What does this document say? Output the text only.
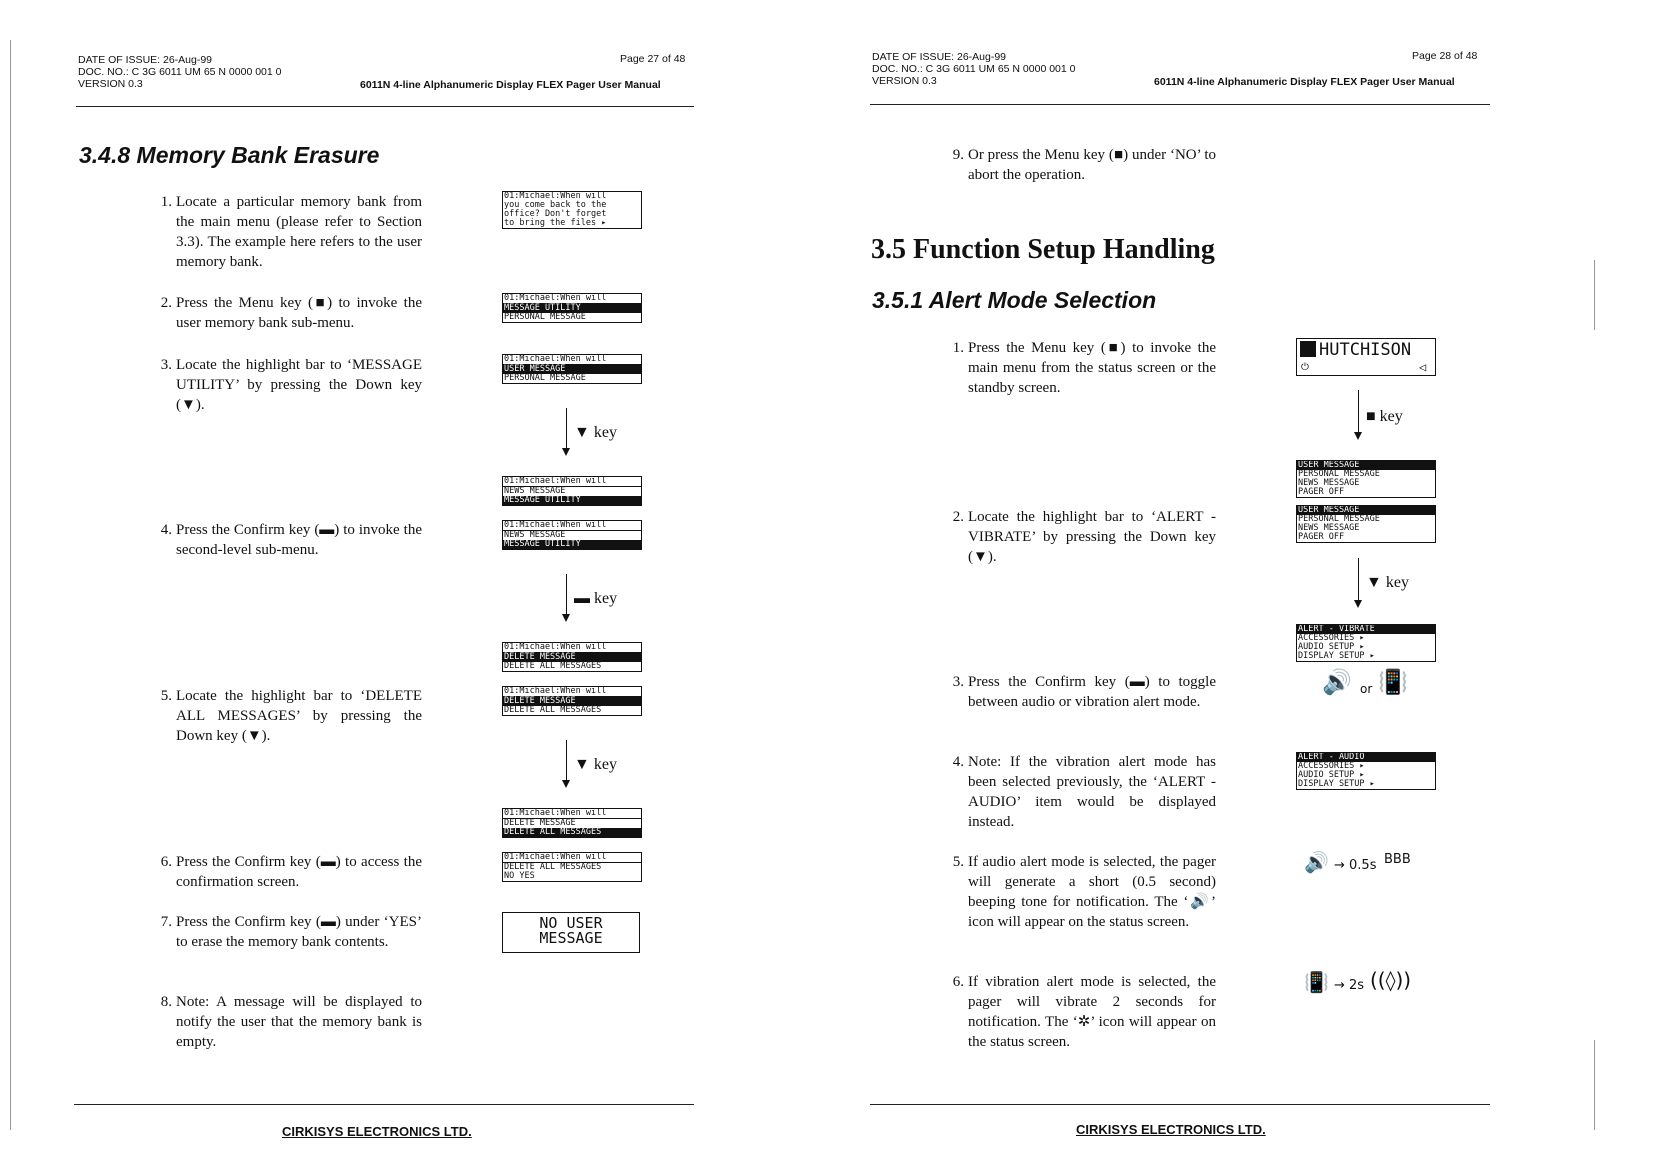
DATE OF ISSUE: 26-Aug-99
DOC. NO.: C 3G 6011 UM 65 N 0000 001 0
VERSION 0.3
Page 27 of 48
6011N 4-line Alphanumeric Display FLEX Pager User Manual
3.4.8 Memory Bank Erasure
1. Locate a particular memory bank from the main menu (please refer to Section 3.3). The example here refers to the user memory bank.
2. Press the Menu key (■) to invoke the user memory bank sub-menu.
3. Locate the highlight bar to ‘MESSAGE UTILITY’ by pressing the Down key (▼).
4. Press the Confirm key (▬) to invoke the second-level sub-menu.
5. Locate the highlight bar to ‘DELETE ALL MESSAGES’ by pressing the Down key (▼).
6. Press the Confirm key (▬) to access the confirmation screen.
7. Press the Confirm key (▬) under ‘YES’ to erase the memory bank contents.
8. Note: A message will be displayed to notify the user that the memory bank is empty.
01:Michael:When will
you come back to the
office? Don't forget
to bring the files ▸
01:Michael:When will
MESSAGE UTILITY
PERSONAL MESSAGE
01:Michael:When will
USER MESSAGE
PERSONAL MESSAGE
▼ key
01:Michael:When will
NEWS MESSAGE
MESSAGE UTILITY
01:Michael:When will
NEWS MESSAGE
MESSAGE UTILITY
▬ key
01:Michael:When will
DELETE MESSAGE
DELETE ALL MESSAGES
01:Michael:When will
DELETE MESSAGE
DELETE ALL MESSAGES
▼ key
01:Michael:When will
DELETE MESSAGE
DELETE ALL MESSAGES
01:Michael:When will
DELETE ALL MESSAGES
NO YES
NO USER
MESSAGE
CIRKISYS ELECTRONICS LTD.
DATE OF ISSUE: 26-Aug-99
DOC. NO.: C 3G 6011 UM 65 N 0000 001 0
VERSION 0.3
Page 28 of 48
6011N 4-line Alphanumeric Display FLEX Pager User Manual
9. Or press the Menu key (■) under ‘NO’ to abort the operation.
3.5 Function Setup Handling
3.5.1 Alert Mode Selection
1. Press the Menu key (■) to invoke the main menu from the status screen or the standby screen.
2. Locate the highlight bar to ‘ALERT - VIBRATE’ by pressing the Down key (▼).
3. Press the Confirm key (▬) to toggle between audio or vibration alert mode.
4. Note: If the vibration alert mode has been selected previously, the ‘ALERT - AUDIO’ item would be displayed instead.
5. If audio alert mode is selected, the pager will generate a short (0.5 second) beeping tone for notification. The ‘🔊’ icon will appear on the status screen.
6. If vibration alert mode is selected, the pager will vibrate 2 seconds for notification. The ‘✲’ icon will appear on the status screen.
HUTCHISON
⏻	◁
■ key
USER MESSAGE
PERSONAL MESSAGE
NEWS MESSAGE
PAGER OFF
USER MESSAGE
PERSONAL MESSAGE
NEWS MESSAGE
PAGER OFF
▼ key
ALERT - VIBRATE
ACCESSORIES ▸
AUDIO SETUP ▸
DISPLAY SETUP ▸
🔊 or 📳
ALERT - AUDIO
ACCESSORIES ▸
AUDIO SETUP ▸
DISPLAY SETUP ▸
🔊 → 0.5s BBB
📳 → 2s ((◊))
CIRKISYS ELECTRONICS LTD.
